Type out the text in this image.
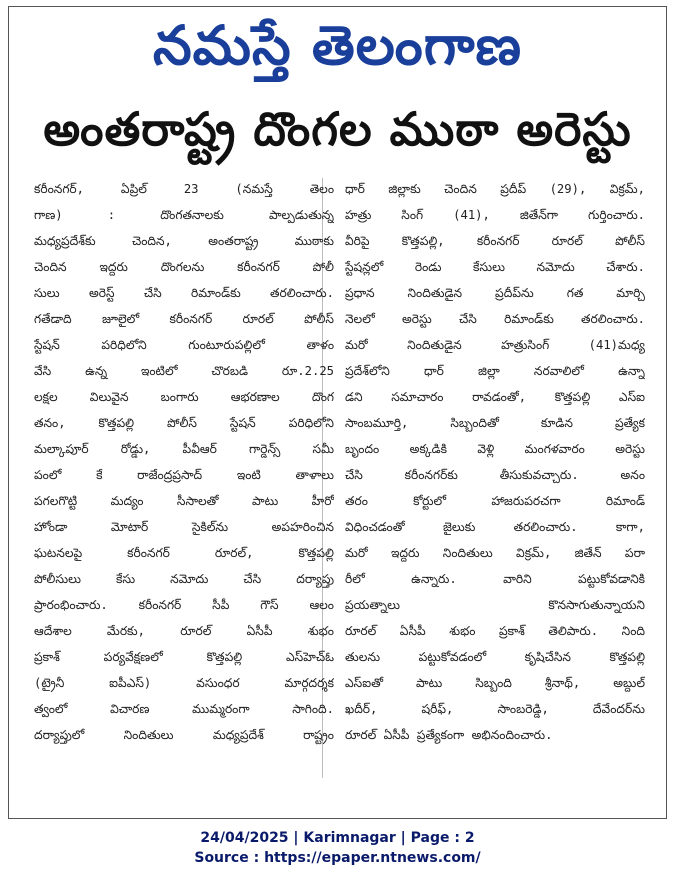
నమస్తే తెలంగాణ
అంతరాష్ట్ర దొంగల ముఠా అరెస్టు
కరీంనగర్, ఏప్రిల్ 23 (నమస్తే తెలం
గాణ) : దొంగతనాలకు పాల్పడుతున్న
మధ్యప్రదేశ్‌కు చెందిన, అంతరాష్ట్ర ముఠాకు
చెందిన ఇద్దరు దొంగలను కరీంనగర్ పోలీ
సులు అరెస్ట్ చేసి రిమాండ్‌కు తరలించారు.
గతేడాది జూలైలో కరీంనగర్ రూరల్ పోలీస్
స్టేషన్ పరిధిలోని గుంటూరుపల్లిలో తాళం
వేసి ఉన్న ఇంటిలో చొరబడి రూ.2.25
లక్షల విలువైన బంగారు ఆభరణాల దొంగ
తనం, కొత్తపల్లి పోలీస్ స్టేషన్ పరిధిలోని
మల్కాపూర్ రోడ్డు, పీవీఆర్ గార్డెన్స్ సమీ
పంలో కే రాజేంద్రప్రసాద్ ఇంటి తాళాలు
పగలగొట్టి మద్యం సీసాలతో పాటు హీరో
హోండా మోటార్ సైకిల్‌ను అపహరించిన
ఘటనలపై కరీంనగర్ రూరల్, కొత్తపల్లి
పోలీసులు కేసు నమోదు చేసి దర్యాప్తు
ప్రారంభించారు. కరీంనగర్ సీపీ గౌస్ ఆలం
ఆదేశాల మేరకు, రూరల్ ఏసీపీ శుభం
ప్రకాశ్ పర్యవేక్షణలో కొత్తపల్లి ఎస్‌హెచ్‌ఓ
(ట్రైనీ ఐపీఎస్) వసుంధర మార్గదర్శక
త్వంలో విచారణ ముమ్మరంగా సాగింది.
దర్యాప్తులో నిందితులు మధ్యప్రదేశ్ రాష్ట్రం
ధార్ జిల్లాకు చెందిన ప్రదీప్ (29), విక్రమ్,
హత్రు సింగ్ (41), జితేన్‌గా గుర్తించారు.
వీరిపై కొత్తపల్లి, కరీంనగర్ రూరల్ పోలీస్
స్టేషన్లలో రెండు కేసులు నమోదు చేశారు.
ప్రధాన నిందితుడైన ప్రదీప్‌ను గత మార్చి
నెలలో అరెస్టు చేసి రిమాండ్‌కు తరలించారు.
మరో నిందితుడైన హత్రుసింగ్ (41)మధ్య
ప్రదేశ్‌లోని ధార్ జిల్లా నరవాలిలో ఉన్నా
డని సమాచారం రావడంతో, కొత్తపల్లి ఎస్ఐ
సాంబమూర్తి, సిబ్బందితో కూడిన ప్రత్యేక
బృందం అక్కడికి వెళ్లి మంగళవారం అరెస్టు
చేసి కరీంనగర్‌కు తీసుకువచ్చారు. అనం
తరం కోర్టులో హాజరుపరచగా రిమాండ్
విధించడంతో జైలుకు తరలించారు. కాగా,
మరో ఇద్దరు నిందితులు విక్రమ్, జితేన్ పరా
రీలో ఉన్నారు. వారిని పట్టుకోవడానికి
ప్రయత్నాలు కొనసాగుతున్నాయని
రూరల్ ఏసీపీ శుభం ప్రకాశ్ తెలిపారు. నింది
తులను పట్టుకోవడంలో కృషిచేసిన కొత్తపల్లి
ఎస్ఐతో పాటు సిబ్బంది శ్రీనాథ్, అబ్దుల్
ఖదీర్, షరీఫ్, సాంబరెడ్డి, దేవేందర్‌ను
రూరల్ ఏసీపీ ప్రత్యేకంగా అభినందించారు.
24/04/2025 | Karimnagar | Page : 2
Source : https://epaper.ntnews.com/
